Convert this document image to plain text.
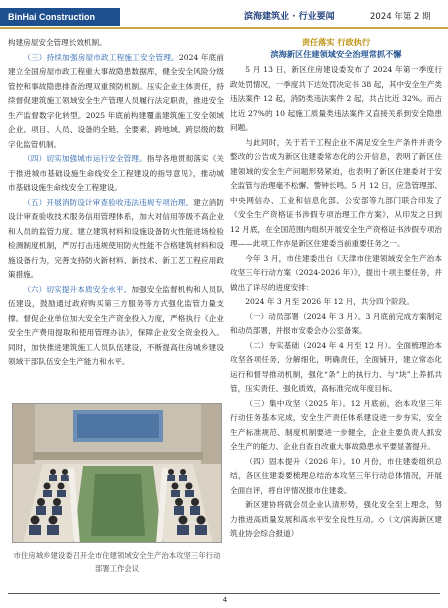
BinHai Construction Industry
滨海建筑业 · 行业要闻	2024 年第 2 期

构建房屋安全管理长效机制。

（三）持续加强房屋市政工程施工安全管理。2024 年底前建立全国房屋市政工程重大事故隐患数据库，健全安全风险分级管控和事故隐患排查治理双重预防机制。压实企业主体责任，持续督促建筑施工领域安全生产管理人员履行法定职责，推进安全生产监督数字化转型。2025 年底前构建覆盖建筑施工安全领域企业、项目、人员、设备的全链、全要素、跨地域、跨层级的数字化监管机制。

（四）切实加强城市运行安全管理。指导各地贯彻落实《关于推进城市基础设施生命线安全工程建设的指导意见》，推动城市基础设施生命线安全工程建设。

（五）开展消防设计审查验收违法违规专项治理。建立消防设计审查验收技术服务信用管理体系，加大对信用等级不高企业和人员的监管力度。建立建筑材料和设施设备防火性能进场检验检测制度机制，严厉打击违规使用防火性能不合格建筑材料和设施设备行为，完善支持防火新材料、新技术、新工艺工程应用政策措施。

（六）切实提升本质安全水平。加强安全监督机构和人员队伍建设，鼓励通过政府购买第三方服务等方式强化监管力量支撑。督促企业单位加大安全生产资金投入力度，严格执行《企业安全生产费用提取和使用管理办法》，保障企业安全资金投入。同时，加快推进建筑施工人员队伍建设，不断提高住房城乡建设领域干部队伍安全生产能力和水平。

市住房城乡建设委召开全市住建领域安全生产治本攻坚三年行动部署工作会议
责任落实 行政执行
滨海新区住建领域安全治理常抓不懈

5 月 13 日，新区住房建设委发布了 2024 年第一季度行政处罚情况，一季度共下达处罚决定书 38 起，其中安全生产类违法案件 12 起，消防类违法案件 2 起，共占比近 32%。而占比近 27%的 10 起施工质量类违法案件又直接关系到安全隐患问题。

与此同时，关于若干工程企业不满足安全生产条件并责令整改的公告成为新区住建委常态化的公开信息，表明了新区住建领域的安全生产问题形势紧迫，也表明了新区住建委对于安全监管与治理毫不松懈、警钟长鸣。5 月 12 日，应急管理部、中央网信办、工业和信息化部、公安部等九部门联合印发了《安全生产资格证书涉假专项治理工作方案》，从印发之日到 12 月底，在全国范围内组织开展安全生产资格证书涉假专项治理——此项工作亦是新区住建委当前重要任务之一。

今年 3 月，市住建委出台《天津市住建领域安全生产治本攻坚三年行动方案（2024-2026 年）》，提出十项主要任务，并做出了详尽的进度安排：

2024 年 3 月至 2026 年 12 月，共分四个阶段。

（一）动员部署（2024 年 3 月）。3 月底前完成方案制定和动员部署，并报市安委会办公室备案。

（二）夯实基础（2024 年 4 月至 12 月）。全面梳理治本攻坚各项任务，分解细化，明确责任，全面铺开，建立常态化运行和督导推动机制，强化“条”上的执行力、与“块”上养抓共管，压实责任、强化质效，高标准完成年度目标。

（三）集中攻坚（2025 年）。12 月底前，治本攻坚三年行动任务基本完成，安全生产责任体系建设进一步夯实，安全生产标准规范、制度机制要进一步健全，企业主要负责人抓安全生产的能力、企业自查自改重大事故隐患水平要显著提升。

（四）固本提升（2026 年）。10 月份，市住建委组织总结，各区住建委要梳理总结治本攻坚三年行动总体情况，开展全面自评，将自评情况报市住建委。

新区建协将就会员企业认清形势，强化安全至上理念，努力推进高质量发展和高水平安全良性互动。◇（文/滨海新区建筑业协会综合报道）

4
